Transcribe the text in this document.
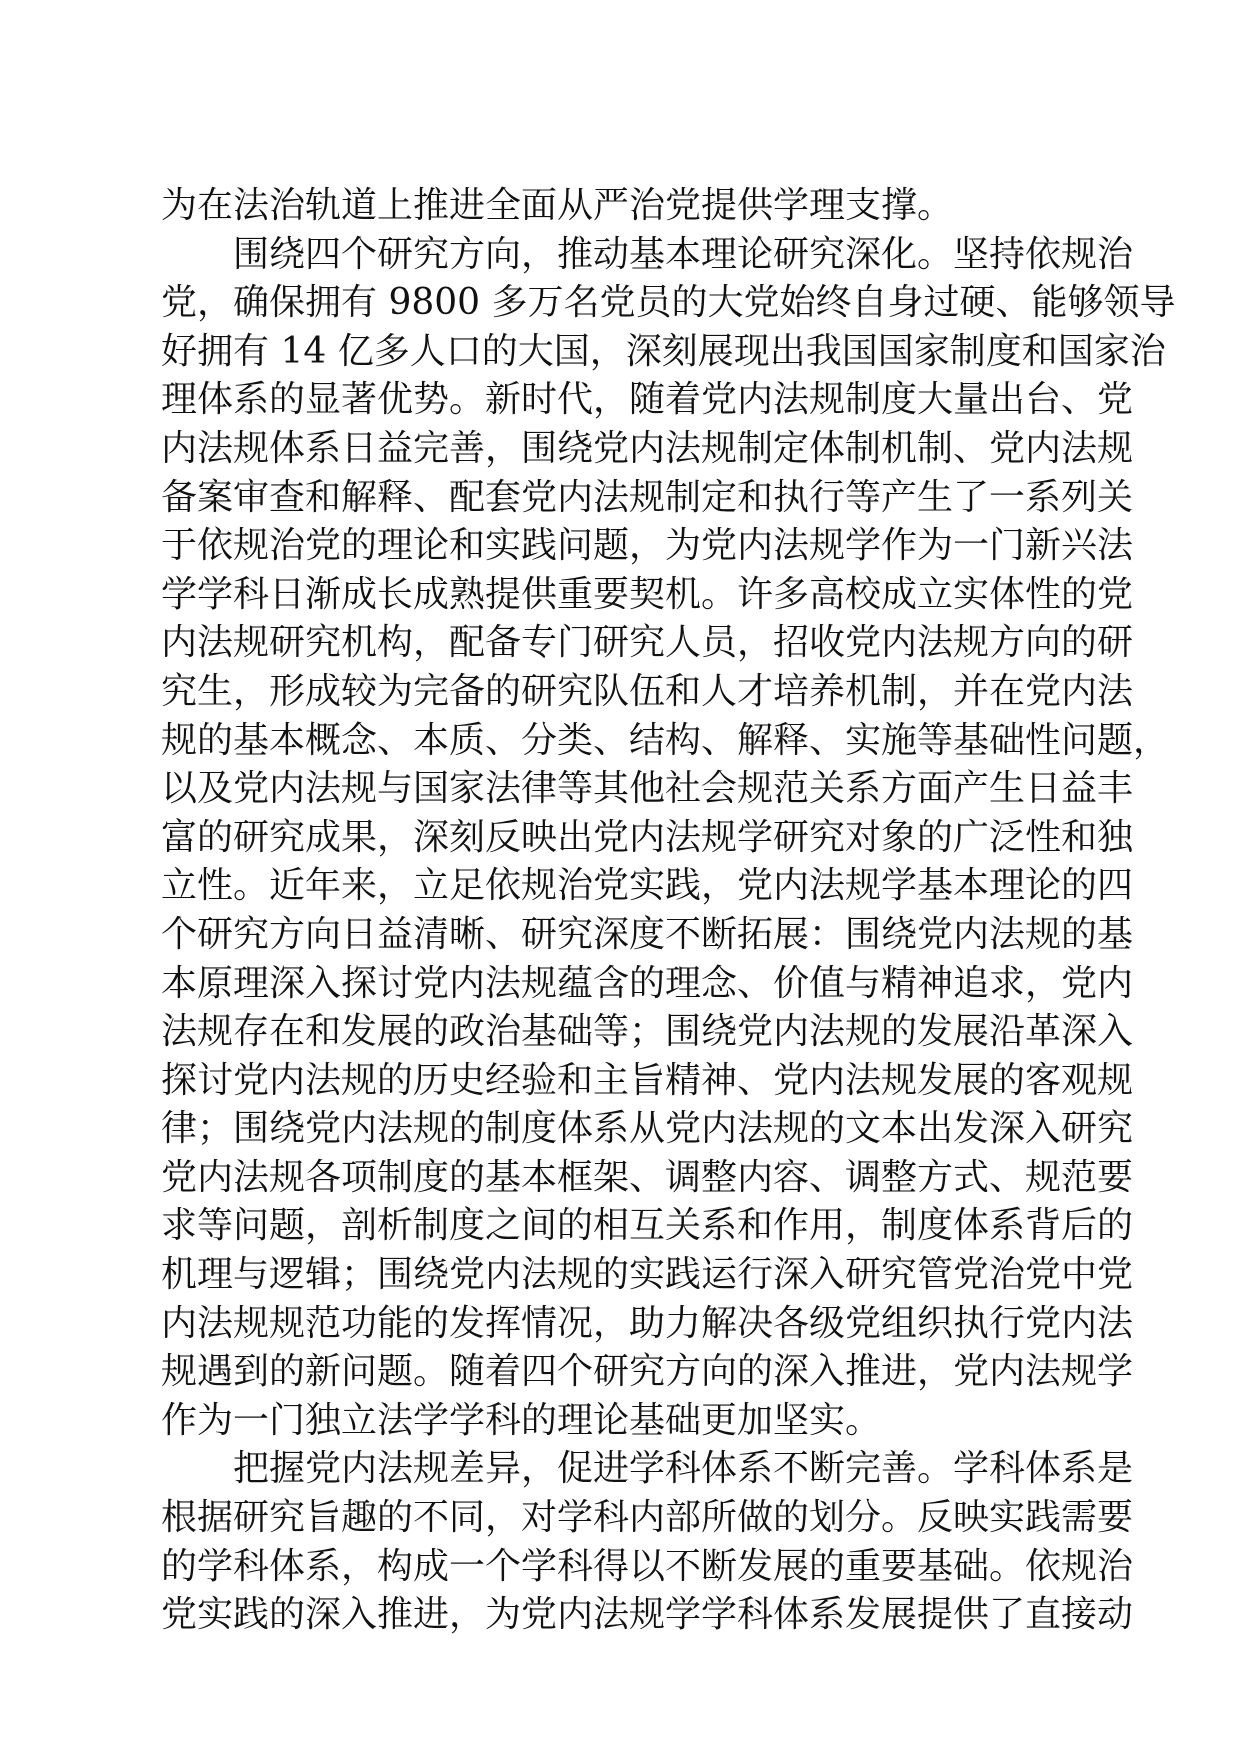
为在法治轨道上推进全面从严治党提供学理支撑。
围绕四个研究方向，推动基本理论研究深化。坚持依规治
党，确保拥有 9800 多万名党员的大党始终自身过硬、能够领导
好拥有 14 亿多人口的大国，深刻展现出我国国家制度和国家治
理体系的显著优势。新时代，随着党内法规制度大量出台、党
内法规体系日益完善，围绕党内法规制定体制机制、党内法规
备案审查和解释、配套党内法规制定和执行等产生了一系列关
于依规治党的理论和实践问题，为党内法规学作为一门新兴法
学学科日渐成长成熟提供重要契机。许多高校成立实体性的党
内法规研究机构，配备专门研究人员，招收党内法规方向的研
究生，形成较为完备的研究队伍和人才培养机制，并在党内法
规的基本概念、本质、分类、结构、解释、实施等基础性问题，
以及党内法规与国家法律等其他社会规范关系方面产生日益丰
富的研究成果，深刻反映出党内法规学研究对象的广泛性和独
立性。近年来，立足依规治党实践，党内法规学基本理论的四
个研究方向日益清晰、研究深度不断拓展：围绕党内法规的基
本原理深入探讨党内法规蕴含的理念、价值与精神追求，党内
法规存在和发展的政治基础等；围绕党内法规的发展沿革深入
探讨党内法规的历史经验和主旨精神、党内法规发展的客观规
律；围绕党内法规的制度体系从党内法规的文本出发深入研究
党内法规各项制度的基本框架、调整内容、调整方式、规范要
求等问题，剖析制度之间的相互关系和作用，制度体系背后的
机理与逻辑；围绕党内法规的实践运行深入研究管党治党中党
内法规规范功能的发挥情况，助力解决各级党组织执行党内法
规遇到的新问题。随着四个研究方向的深入推进，党内法规学
作为一门独立法学学科的理论基础更加坚实。
把握党内法规差异，促进学科体系不断完善。学科体系是
根据研究旨趣的不同，对学科内部所做的划分。反映实践需要
的学科体系，构成一个学科得以不断发展的重要基础。依规治
党实践的深入推进，为党内法规学学科体系发展提供了直接动
